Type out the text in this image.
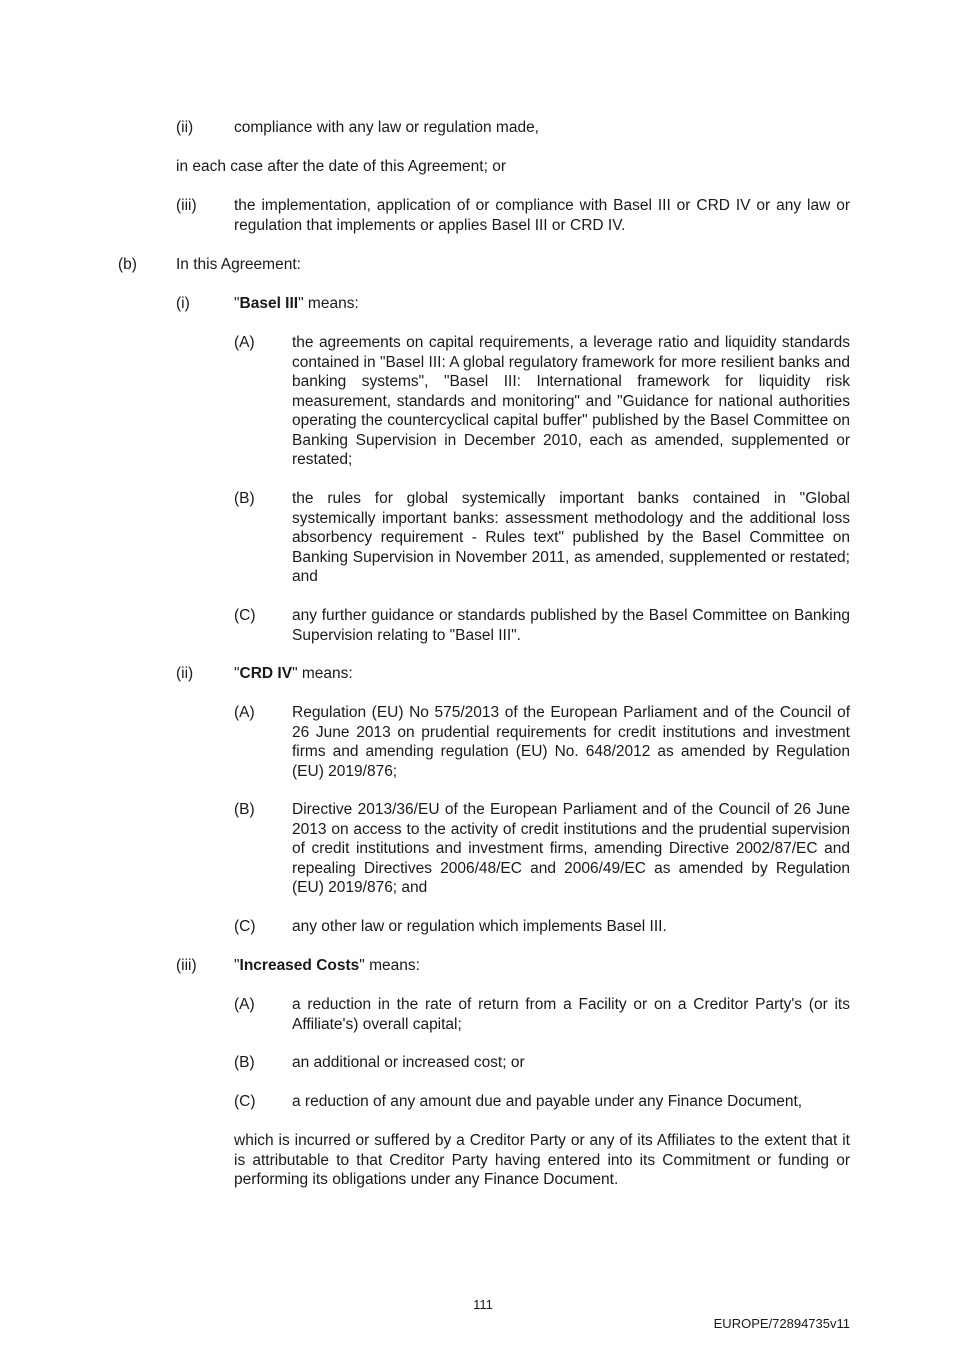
(ii)	compliance with any law or regulation made,
in each case after the date of this Agreement; or
(iii) the implementation, application of or compliance with Basel III or CRD IV or any law or regulation that implements or applies Basel III or CRD IV.
(b)	In this Agreement:
(i)	"Basel III" means:
(A) the agreements on capital requirements, a leverage ratio and liquidity standards contained in "Basel III: A global regulatory framework for more resilient banks and banking systems", "Basel III: International framework for liquidity risk measurement, standards and monitoring" and "Guidance for national authorities operating the countercyclical capital buffer" published by the Basel Committee on Banking Supervision in December 2010, each as amended, supplemented or restated;
(B) the rules for global systemically important banks contained in "Global systemically important banks: assessment methodology and the additional loss absorbency requirement - Rules text" published by the Basel Committee on Banking Supervision in November 2011, as amended, supplemented or restated; and
(C) any further guidance or standards published by the Basel Committee on Banking Supervision relating to "Basel III".
(ii)	"CRD IV" means:
(A) Regulation (EU) No 575/2013 of the European Parliament and of the Council of 26 June 2013 on prudential requirements for credit institutions and investment firms and amending regulation (EU) No. 648/2012 as amended by Regulation (EU) 2019/876;
(B) Directive 2013/36/EU of the European Parliament and of the Council of 26 June 2013 on access to the activity of credit institutions and the prudential supervision of credit institutions and investment firms, amending Directive 2002/87/EC and repealing Directives 2006/48/EC and 2006/49/EC as amended by Regulation (EU) 2019/876; and
(C) any other law or regulation which implements Basel III.
(iii) "Increased Costs" means:
(A) a reduction in the rate of return from a Facility or on a Creditor Party's (or its Affiliate's) overall capital;
(B) an additional or increased cost; or
(C) a reduction of any amount due and payable under any Finance Document,
which is incurred or suffered by a Creditor Party or any of its Affiliates to the extent that it is attributable to that Creditor Party having entered into its Commitment or funding or performing its obligations under any Finance Document.
111
EUROPE/72894735v11
